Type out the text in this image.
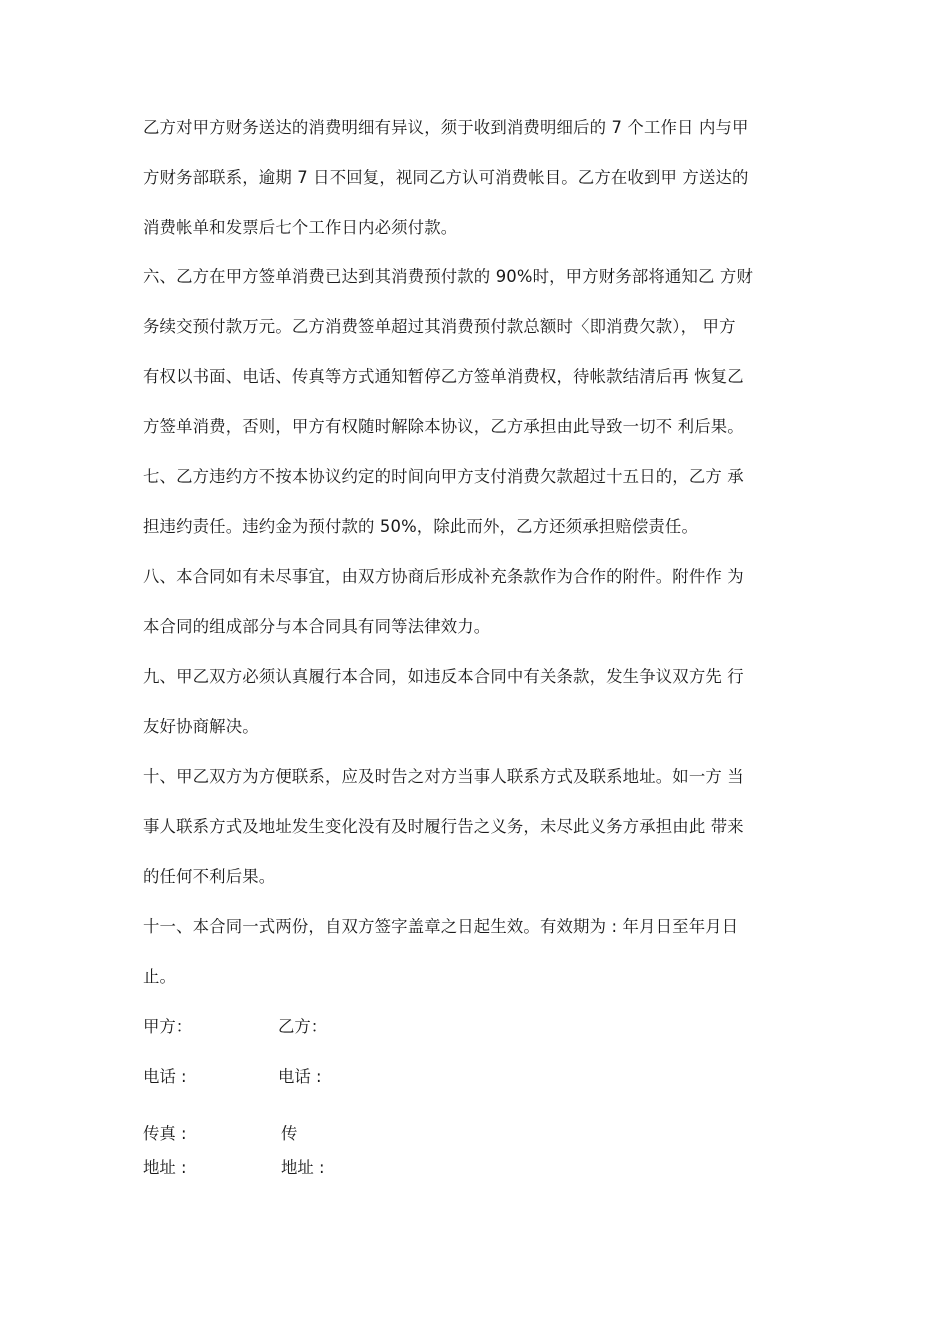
乙方对甲方财务送达的消费明细有异议，须于收到消费明细后的 7 个工作日 内与甲
方财务部联系，逾期 7 日不回复，视同乙方认可消费帐目。乙方在收到甲 方送达的
消费帐单和发票后七个工作日内必须付款。
六、乙方在甲方签单消费已达到其消费预付款的 90%时，甲方财务部将通知乙 方财
务续交预付款万元。乙方消费签单超过其消费预付款总额时〈即消费欠款）， 甲方
有权以书面、电话、传真等方式通知暂停乙方签单消费权，待帐款结清后再 恢复乙
方签单消费，否则，甲方有权随时解除本协议，乙方承担由此导致一切不 利后果。
七、乙方违约方不按本协议约定的时间向甲方支付消费欠款超过十五日的，乙方 承
担违约责任。违约金为预付款的 50%，除此而外，乙方还须承担赔偿责任。
八、本合同如有未尽事宜，由双方协商后形成补充条款作为合作的附件。附件作 为
本合同的组成部分与本合同具有同等法律效力。
九、甲乙双方必须认真履行本合同，如违反本合同中有关条款，发生争议双方先 行
友好协商解决。
十、甲乙双方为方便联系，应及时告之对方当事人联系方式及联系地址。如一方 当
事人联系方式及地址发生变化没有及时履行告之义务，未尽此义务方承担由此 带来
的任何不利后果。
十一、本合同一式两份，自双方签字盖章之日起生效。有效期为 : 年月日至年月日
止。
甲方：	乙方：
电话 :	电话 :
传真 :	传
地址 :	地址 :
